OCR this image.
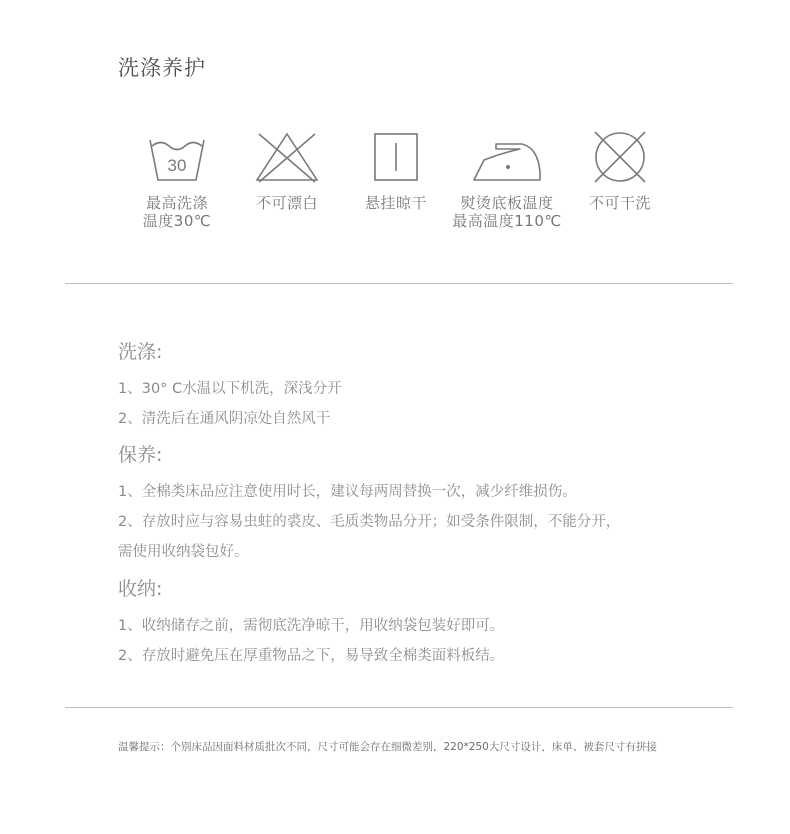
洗涤养护
30
最高洗涤
温度30℃
不可漂白	悬挂晾干	熨烫底板温度
最高温度110℃
不可干洗
洗涤:
1、30° C水温以下机洗，深浅分开
2、清洗后在通风阴凉处自然风干
保养:
1、全棉类床品应注意使用时长，建议每两周替换一次，减少纤维损伤。
2、存放时应与容易虫蛀的裘皮、毛质类物品分开；如受条件限制，不能分开，
需使用收纳袋包好。
收纳:
1、收纳储存之前，需彻底洗净晾干，用收纳袋包装好即可。
2、存放时避免压在厚重物品之下，易导致全棉类面料板结。
温馨提示：个别床品因面料材质批次不同，尺寸可能会存在细微差别，220*250大尺寸设计，床单、被套尺寸有拼接
